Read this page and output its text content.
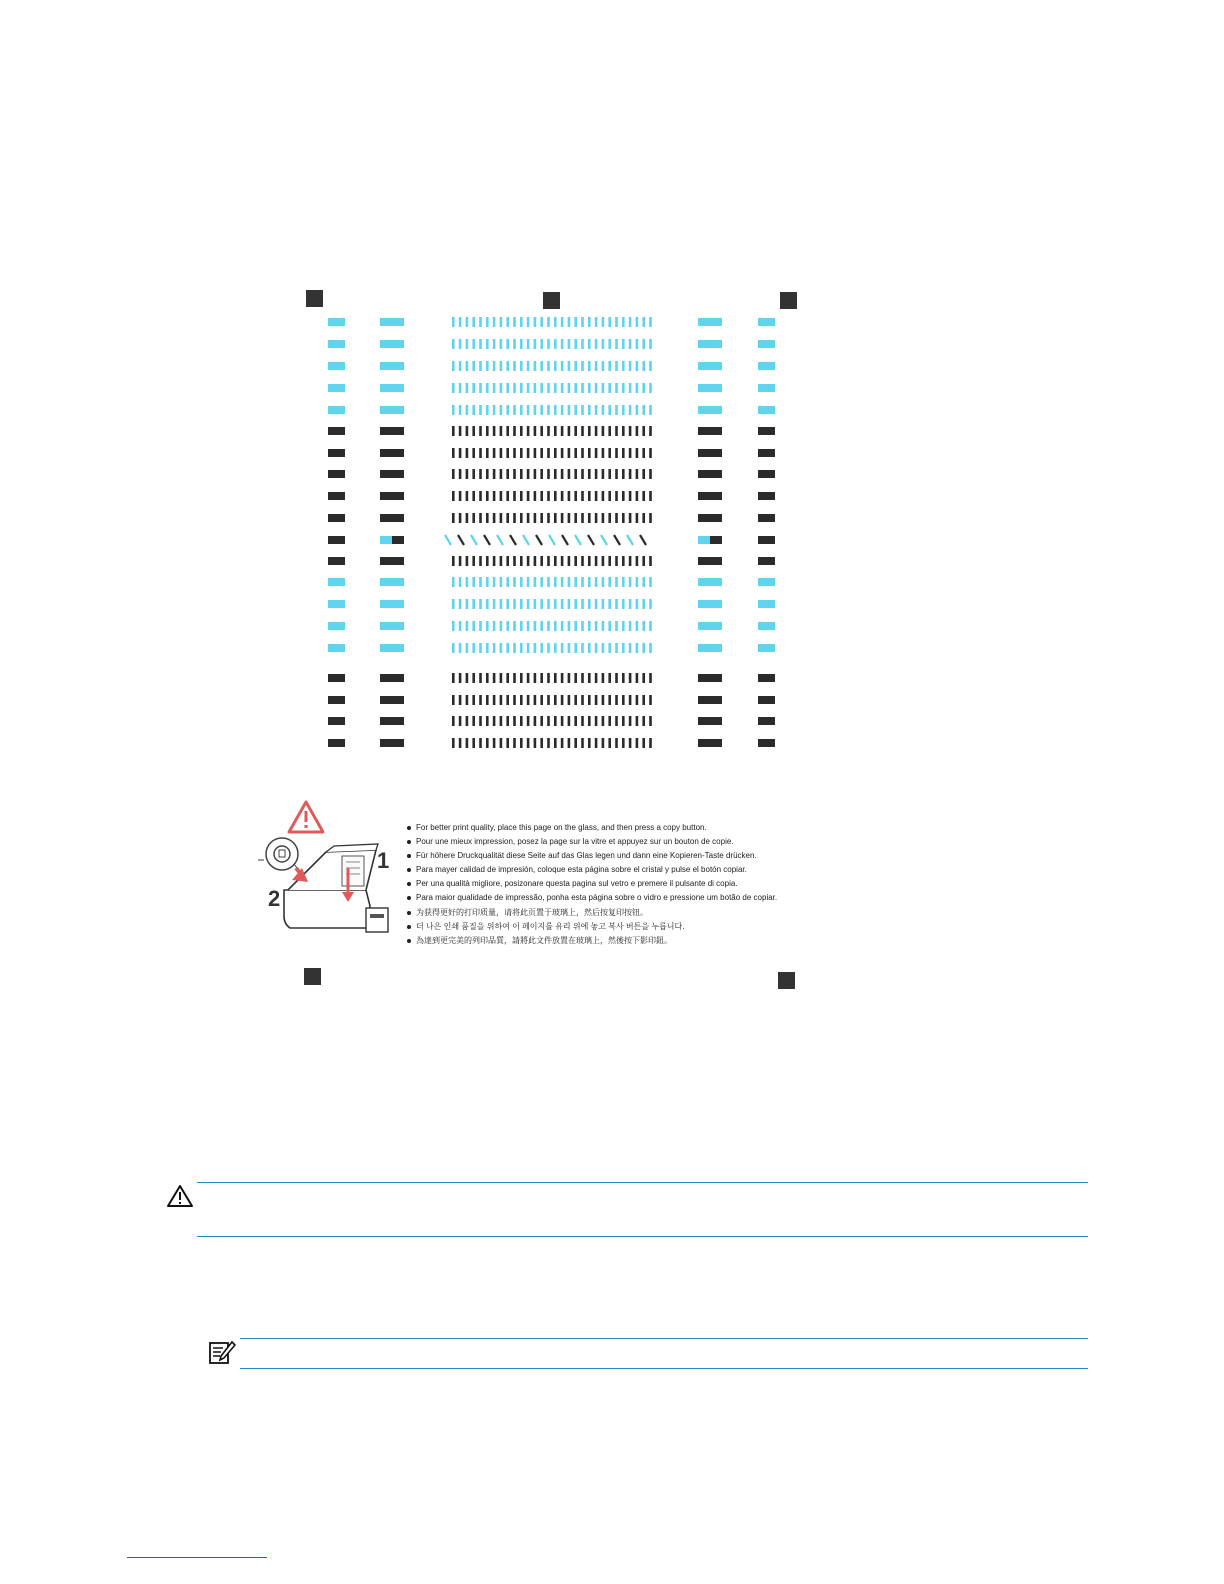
For better print quality, place this page on the glass, and then press a copy button.
Pour une mieux impression, posez la page sur la vitre et appuyez sur un bouton de copie.
Für höhere Druckqualität diese Seite auf das Glas legen und dann eine Kopieren-Taste drücken.
Para mayer calidad de impresión, coloque esta página sobre el cristal y pulse el botón copiar.
Per una qualità migliore, posizonare questa pagina sul vetro e premere il pulsante di copia.
Para maior qualidade de impressão, ponha esta página sobre o vidro e pressione um botão de copiar.
为获得更好的打印质量，请将此页置于玻璃上，然后按复印按钮。
더 나은 인쇄 품질을 위하여 이 페이지를 유리 위에 놓고 복사 버튼을 누릅니다.
為達到更完美的列印品質，請將此文件放置在玻璃上，然後按下影印鈕。
1
2
